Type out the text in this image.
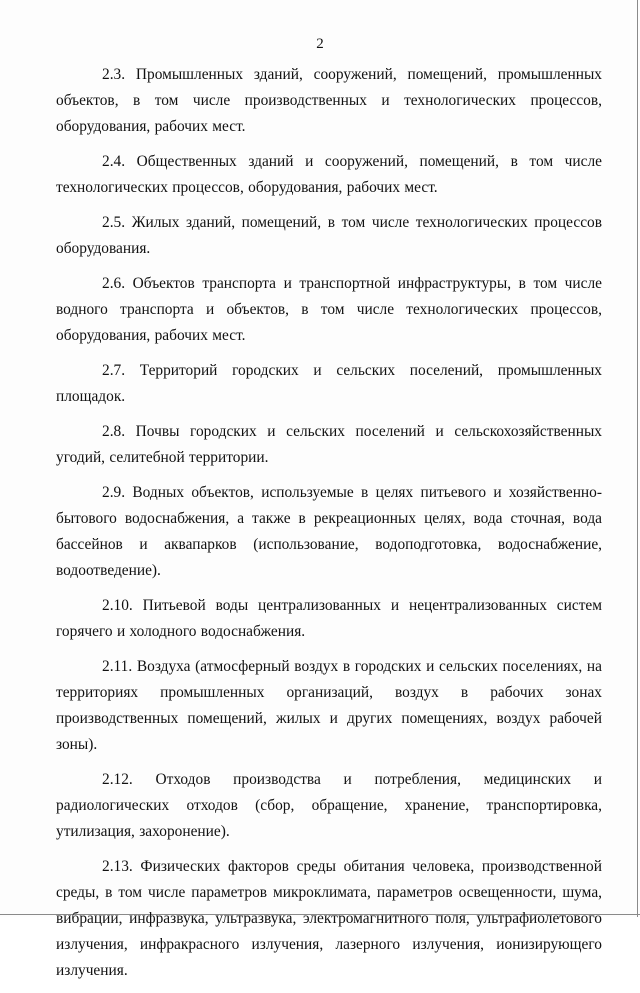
2

2.3. Промышленных зданий, сооружений, помещений, промышленных объектов, в том числе производственных и технологических процессов, оборудования, рабочих мест.

2.4. Общественных зданий и сооружений, помещений, в том числе технологических процессов, оборудования, рабочих мест.

2.5. Жилых зданий, помещений, в том числе технологических процессов оборудования.

2.6. Объектов транспорта и транспортной инфраструктуры, в том числе водного транспорта и объектов, в том числе технологических процессов, оборудования, рабочих мест.

2.7. Территорий городских и сельских поселений, промышленных площадок.

2.8. Почвы городских и сельских поселений и сельскохозяйственных угодий, селитебной территории.

2.9. Водных объектов, используемые в целях питьевого и хозяйственно-бытового водоснабжения, а также в рекреационных целях, вода сточная, вода бассейнов и аквапарков (использование, водоподготовка, водоснабжение, водоотведение).

2.10. Питьевой воды централизованных и нецентрализованных систем горячего и холодного водоснабжения.

2.11. Воздуха (атмосферный воздух в городских и сельских поселениях, на территориях промышленных организаций, воздух в рабочих зонах производственных помещений, жилых и других помещениях, воздух рабочей зоны).

2.12. Отходов производства и потребления, медицинских и радиологических отходов (сбор, обращение, хранение, транспортировка, утилизация, захоронение).

2.13. Физических факторов среды обитания человека, производственной среды, в том числе параметров микроклимата, параметров освещенности, шума, вибрации, инфразвука, ультразвука, электромагнитного поля, ультрафиолетового излучения, инфракрасного излучения, лазерного излучения, ионизирующего излучения.
